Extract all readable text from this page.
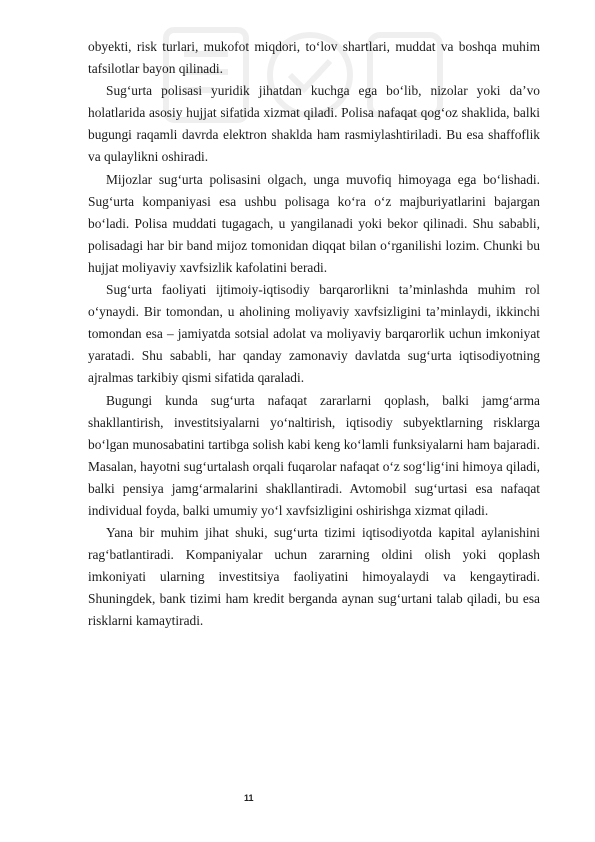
obyekti, risk turlari, mukofot miqdori, to‘lov shartlari, muddat va boshqa muhim tafsilotlar bayon qilinadi.

Sug‘urta polisasi yuridik jihatdan kuchga ega bo‘lib, nizolar yoki da’vo holatlarida asosiy hujjat sifatida xizmat qiladi. Polisa nafaqat qog‘oz shaklida, balki bugungi raqamli davrda elektron shaklda ham rasmiylashtiriladi. Bu esa shaffoflik va qulaylikni oshiradi.

Mijozlar sug‘urta polisasini olgach, unga muvofiq himoyaga ega bo‘lishadi. Sug‘urta kompaniyasi esa ushbu polisaga ko‘ra o‘z majburiyatlarini bajargan bo‘ladi. Polisa muddati tugagach, u yangilanadi yoki bekor qilinadi. Shu sababli, polisadagi har bir band mijoz tomonidan diqqat bilan o‘rganilishi lozim. Chunki bu hujjat moliyaviy xavfsizlik kafolatini beradi.

Sug‘urta faoliyati ijtimoiy-iqtisodiy barqarorlikni ta’minlashda muhim rol o‘ynaydi. Bir tomondan, u aholining moliyaviy xavfsizligini ta’minlaydi, ikkinchi tomondan esa – jamiyatda sotsial adolat va moliyaviy barqarorlik uchun imkoniyat yaratadi. Shu sababli, har qanday zamonaviy davlatda sug‘urta iqtisodiyotning ajralmas tarkibiy qismi sifatida qaraladi.

Bugungi kunda sug‘urta nafaqat zararlarni qoplash, balki jamg‘arma shakllantirish, investitsiyalarni yo‘naltirish, iqtisodiy subyektlarning risklarga bo‘lgan munosabatini tartibga solish kabi keng ko‘lamli funksiyalarni ham bajaradi. Masalan, hayotni sug‘urtalash orqali fuqarolar nafaqat o‘z sog‘lig‘ini himoya qiladi, balki pensiya jamg‘armalarini shakllantiradi. Avtomobil sug‘urtasi esa nafaqat individual foyda, balki umumiy yo‘l xavfsizligini oshirishga xizmat qiladi.

Yana bir muhim jihat shuki, sug‘urta tizimi iqtisodiyotda kapital aylanishini rag‘batlantiradi. Kompaniyalar uchun zararning oldini olish yoki qoplash imkoniyati ularning investitsiya faoliyatini himoyalaydi va kengaytiradi. Shuningdek, bank tizimi ham kredit berganda aynan sug‘urtani talab qiladi, bu esa risklarni kamaytiradi.

11
